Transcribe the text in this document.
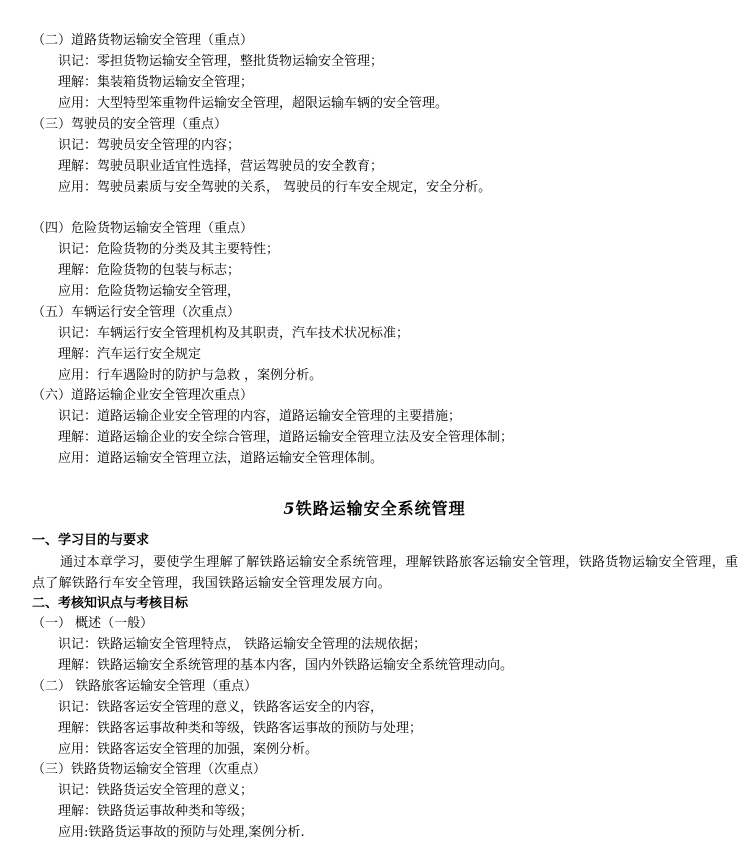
（二）道路货物运输安全管理（重点）
识记：零担货物运输安全管理，整批货物运输安全管理；
理解：集装箱货物运输安全管理；
应用：大型特型笨重物件运输安全管理，超限运输车辆的安全管理。
（三）驾驶员的安全管理（重点）
识记：驾驶员安全管理的内容；
理解：驾驶员职业适宜性选择，营运驾驶员的安全教育；
应用：驾驶员素质与安全驾驶的关系， 驾驶员的行车安全规定，安全分析。
（四）危险货物运输安全管理（重点）
识记：危险货物的分类及其主要特性；
理解：危险货物的包装与标志；
应用：危险货物运输安全管理，
（五）车辆运行安全管理（次重点）
识记：车辆运行安全管理机构及其职责，汽车技术状况标准；
理解：汽车运行安全规定
应用：行车遇险时的防护与急救 ，案例分析。
（六）道路运输企业安全管理次重点）
识记：道路运输企业安全管理的内容，道路运输安全管理的主要措施；
理解：道路运输企业的安全综合管理，道路运输安全管理立法及安全管理体制；
应用：道路运输安全管理立法，道路运输安全管理体制。
5铁路运输安全系统管理
一、学习目的与要求
通过本章学习，要使学生理解了解铁路运输安全系统管理，理解铁路旅客运输安全管理，铁路货物运输安全管理，重点了解铁路行车安全管理，我国铁路运输安全管理发展方向。
二、考核知识点与考核目标
（一） 概述（一般）
识记：铁路运输安全管理特点， 铁路运输安全管理的法规依据；
理解：铁路运输安全系统管理的基本内客，国内外铁路运输安全系统管理动向。
（二） 铁路旅客运输安全管理（重点）
识记：铁路客运安全管理的意义，铁路客运安全的内容，
理解：铁路客运事故种类和等级，铁路客运事故的预防与处理；
应用：铁路客运安全管理的加强，案例分析。
（三）铁路货物运输安全管理（次重点）
识记：铁路货运安全管理的意义；
理解：铁路货运事故种类和等级；
应用:铁路货运事故的预防与处理,案例分析.
